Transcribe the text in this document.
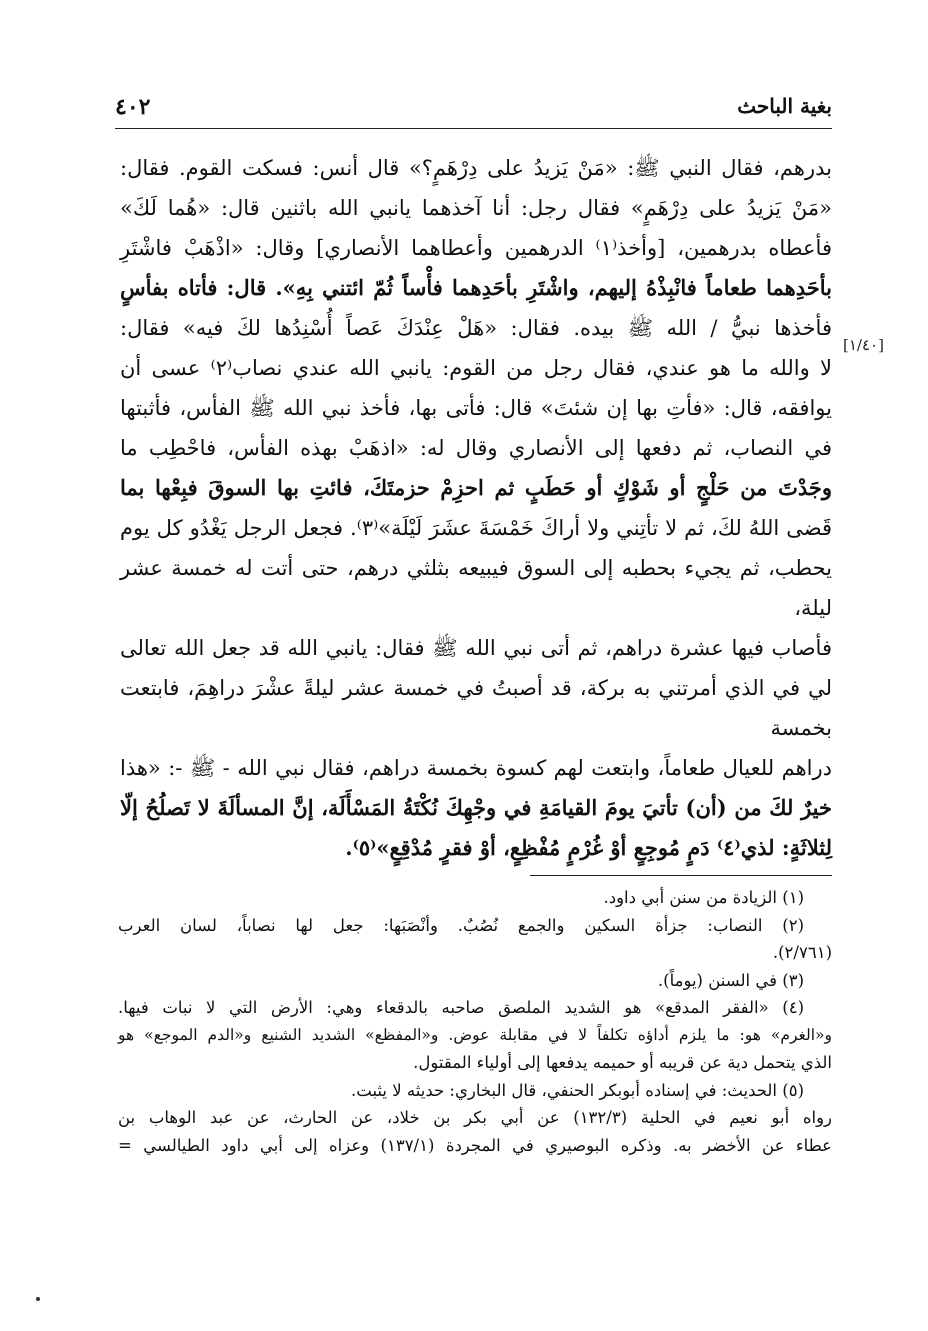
بغية الباحث
٤٠٢
[١/٤٠]

بدرهم، فقال النبي ﷺ: «مَنْ يَزيدُ على دِرْهَمٍ؟» قال أنس: فسكت القوم. فقال:

«مَنْ يَزيدُ على دِرْهَمٍ» فقال رجل: أنا آخذهما يانبي الله باثنين قال: «هُما لَكَ»

فأعطاه بدرهمين، [وأخذ⁽١⁾ الدرهمين وأعطاهما الأنصاري] وقال: «اذْهَبْ فاشْتَرِ

بأحَدِهما طعاماً فانْبِذْهُ إليهم، واشْتَرِ بأحَدِهما فأْساً ثُمّ ائتني بِهِ». قال: فأتاه بفأسٍ

فأخذها نبيُّ / الله ﷺ بيده. فقال: «هَلْ عِنْدَكَ عَصاً أُسْنِدُها لكَ فيه» فقال:

لا والله ما هو عندي، فقال رجل من القوم: يانبي الله عندي نصاب⁽٢⁾ عسى أن

يوافقه، قال: «فأتِ بها إن شئتَ» قال: فأتى بها، فأخذ نبي الله ﷺ الفأس، فأثبتها

في النصاب، ثم دفعها إلى الأنصاري وقال له: «اذهَبْ بهذه الفأس، فاحْطِب ما

وجَدْتَ من حَلْجٍ أو شَوْكٍ أو حَطَبٍ ثم احزِمْ حزمتَكَ، فائتِ بها السوقَ فبِعْها بما

قَضى اللهُ لكَ، ثم لا تأتِني ولا أراكَ خَمْسَةَ عشَرَ لَيْلَة»⁽٣⁾. فجعل الرجل يَغْدُو كل يوم

يحطب، ثم يجيء بحطبه إلى السوق فيبيعه بثلثي درهم، حتى أتت له خمسة عشر ليلة،

فأصاب فيها عشرة دراهم، ثم أتى نبي الله ﷺ فقال: يانبي الله قد جعل الله تعالى

لي في الذي أمرتني به بركة، قد أصبتُ في خمسة عشر ليلةً عشْرَ دراهِمَ، فابتعت بخمسة

دراهم للعيال طعاماً، وابتعت لهم كسوة بخمسة دراهم، فقال نبي الله - ﷺ -: «هذا

خيرٌ لكَ من (أن) تأتيَ يومَ القيامَةِ في وجْهِكَ نُكْتَةُ المَسْأَلَة، إنَّ المسألَةَ لا تَصلُحُ إلّا

لِثلاثَةٍ: لذي⁽٤⁾ دَمٍ مُوجِعٍ أوْ غُرْمٍ مُفْظِعٍ، أوْ فقرٍ مُدْقِعٍ»⁽٥⁾.

(١) الزيادة من سنن أبي داود.

(٢) النصاب: جزأة السكين والجمع نُصُبٌ. وأنْصَبَها: جعل لها نصاباً، لسان العرب

(٢/٧٦١).

(٣) في السنن (يوماً).

(٤) «الفقر المدقع» هو الشديد الملصق صاحبه بالدقعاء وهي: الأرض التي لا نبات فيها.

و«الغرم» هو: ما يلزم أداؤه تكلفاً لا في مقابلة عوض. و«المفظع» الشديد الشنيع و«الدم الموجع» هو

الذي يتحمل دية عن قريبه أو حميمه يدفعها إلى أولياء المقتول.

(٥) الحديث: في إسناده أبوبكر الحنفي، قال البخاري: حديثه لا يثبت.

رواه أبو نعيم في الحلية (١٣٢/٣) عن أبي بكر بن خلاد، عن الحارث، عن عبد الوهاب بن

عطاء عن الأخضر به. وذكره البوصيري في المجردة (١٣٧/١) وعزاه إلى أبي داود الطيالسي =
